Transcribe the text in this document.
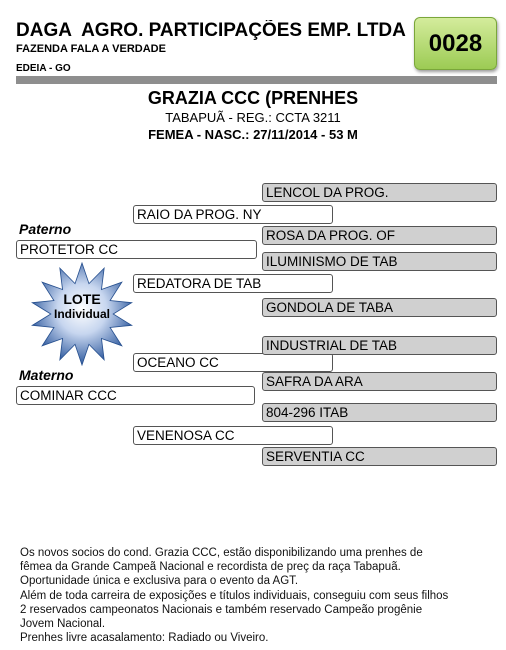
DAGA  AGRO. PARTICIPAÇÕES EMP. LTDA
FAZENDA FALA A VERDADE
EDEIA - GO
0028
GRAZIA CCC (PRENHES
TABAPUÃ - REG.: CCTA 3211
FEMEA - NASC.: 27/11/2014 - 53 M
Paterno
Materno
PROTETOR CC
COMINAR CCC
RAIO DA PROG. NY
REDATORA DE TAB
OCEANO CC
VENENOSA CC
LENCOL DA PROG.
ROSA DA PROG. OF
ILUMINISMO DE TAB
GONDOLA DE TABA
INDUSTRIAL DE TAB
SAFRA DA ARA
804-296 ITAB
SERVENTIA CC
LOTE
Individual
Os novos socios do cond. Grazia CCC, estão disponibilizando uma prenhes de
fêmea da Grande Campeã Nacional e recordista de preç da raça Tabapuã.
Oportunidade única e exclusiva para o evento da AGT.
Além de toda carreira de exposições e títulos individuais, conseguiu com seus filhos
2 reservados campeonatos Nacionais e também reservado Campeão progênie
Jovem Nacional.
Prenhes livre acasalamento: Radiado ou Viveiro.
